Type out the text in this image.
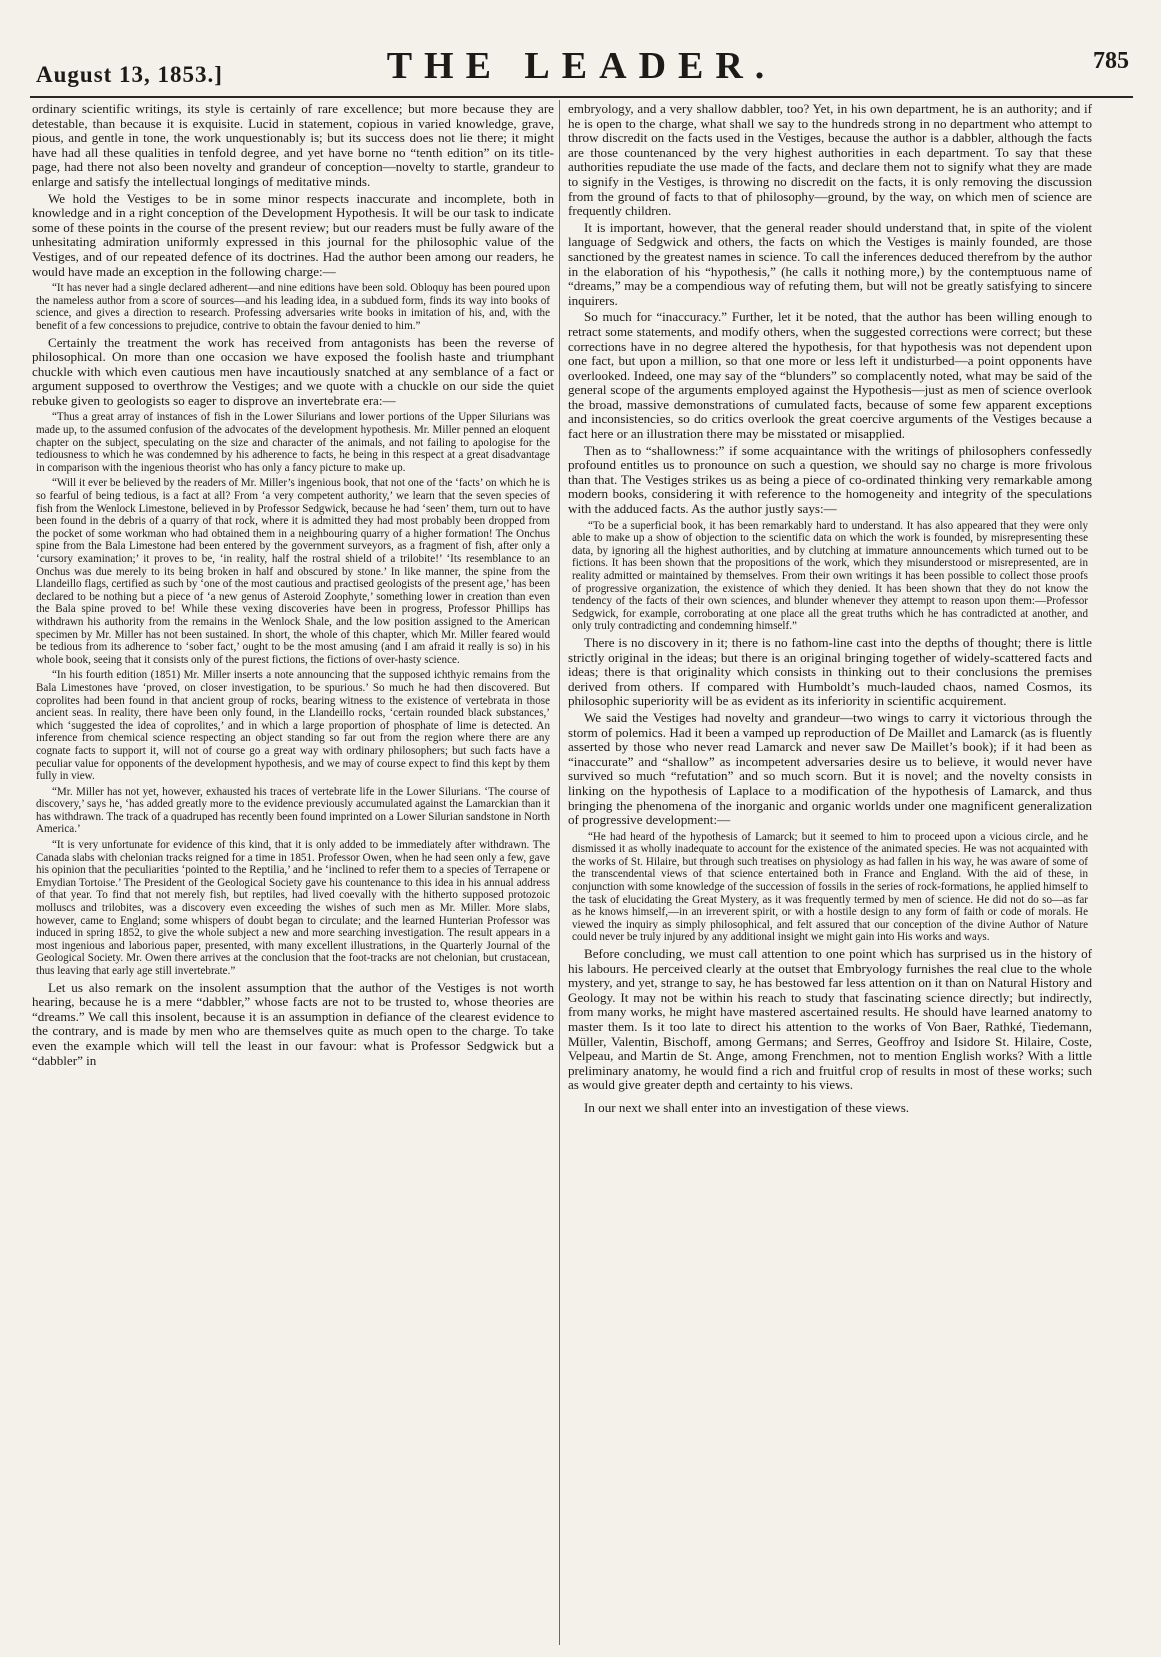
August 13, 1853.]	THE LEADER.	785

ordinary scientific writings, its style is certainly of rare excellence; but more because they are detestable, than because it is exquisite. Lucid in statement, copious in varied knowledge, grave, pious, and gentle in tone, the work unquestionably is; but its success does not lie there; it might have had all these qualities in tenfold degree, and yet have borne no “tenth edition” on its title-page, had there not also been novelty and grandeur of conception—novelty to startle, grandeur to enlarge and satisfy the intellectual longings of meditative minds.

We hold the Vestiges to be in some minor respects inaccurate and incomplete, both in knowledge and in a right conception of the Development Hypothesis. It will be our task to indicate some of these points in the course of the present review; but our readers must be fully aware of the unhesitating admiration uniformly expressed in this journal for the philosophic value of the Vestiges, and of our repeated defence of its doctrines. Had the author been among our readers, he would have made an exception in the following charge:—

“It has never had a single declared adherent—and nine editions have been sold. Obloquy has been poured upon the nameless author from a score of sources—and his leading idea, in a subdued form, finds its way into books of science, and gives a direction to research. Professing adversaries write books in imitation of his, and, with the benefit of a few concessions to prejudice, contrive to obtain the favour denied to him.”

Certainly the treatment the work has received from antagonists has been the reverse of philosophical. On more than one occasion we have exposed the foolish haste and triumphant chuckle with which even cautious men have incautiously snatched at any semblance of a fact or argument supposed to overthrow the Vestiges; and we quote with a chuckle on our side the quiet rebuke given to geologists so eager to disprove an invertebrate era:—

“Thus a great array of instances of fish in the Lower Silurians and lower portions of the Upper Silurians was made up, to the assumed confusion of the advocates of the development hypothesis. Mr. Miller penned an eloquent chapter on the subject, speculating on the size and character of the animals, and not failing to apologise for the tediousness to which he was condemned by his adherence to facts, he being in this respect at a great disadvantage in comparison with the ingenious theorist who has only a fancy picture to make up.

“Will it ever be believed by the readers of Mr. Miller’s ingenious book, that not one of the ‘facts’ on which he is so fearful of being tedious, is a fact at all? From ‘a very competent authority,’ we learn that the seven species of fish from the Wenlock Limestone, believed in by Professor Sedgwick, because he had ‘seen’ them, turn out to have been found in the debris of a quarry of that rock, where it is admitted they had most probably been dropped from the pocket of some workman who had obtained them in a neighbouring quarry of a higher formation! The Onchus spine from the Bala Limestone had been entered by the government surveyors, as a fragment of fish, after only a ‘cursory examination;’ it proves to be, ‘in reality, half the rostral shield of a trilobite!’ ‘Its resemblance to an Onchus was due merely to its being broken in half and obscured by stone.’ In like manner, the spine from the Llandeillo flags, certified as such by ‘one of the most cautious and practised geologists of the present age,’ has been declared to be nothing but a piece of ‘a new genus of Asteroid Zoophyte,’ something lower in creation than even the Bala spine proved to be! While these vexing discoveries have been in progress, Professor Phillips has withdrawn his authority from the remains in the Wenlock Shale, and the low position assigned to the American specimen by Mr. Miller has not been sustained. In short, the whole of this chapter, which Mr. Miller feared would be tedious from its adherence to ‘sober fact,’ ought to be the most amusing (and I am afraid it really is so) in his whole book, seeing that it consists only of the purest fictions, the fictions of over-hasty science.

“In his fourth edition (1851) Mr. Miller inserts a note announcing that the supposed ichthyic remains from the Bala Limestones have ‘proved, on closer investigation, to be spurious.’ So much he had then discovered. But coprolites had been found in that ancient group of rocks, bearing witness to the existence of vertebrata in those ancient seas. In reality, there have been only found, in the Llandeillo rocks, ‘certain rounded black substances,’ which ‘suggested the idea of coprolites,’ and in which a large proportion of phosphate of lime is detected. An inference from chemical science respecting an object standing so far out from the region where there are any cognate facts to support it, will not of course go a great way with ordinary philosophers; but such facts have a peculiar value for opponents of the development hypothesis, and we may of course expect to find this kept by them fully in view.

“Mr. Miller has not yet, however, exhausted his traces of vertebrate life in the Lower Silurians. ‘The course of discovery,’ says he, ‘has added greatly more to the evidence previously accumulated against the Lamarckian than it has withdrawn. The track of a quadruped has recently been found imprinted on a Lower Silurian sandstone in North America.’

“It is very unfortunate for evidence of this kind, that it is only added to be immediately after withdrawn. The Canada slabs with chelonian tracks reigned for a time in 1851. Professor Owen, when he had seen only a few, gave his opinion that the peculiarities ‘pointed to the Reptilia,’ and he ‘inclined to refer them to a species of Terrapene or Emydian Tortoise.’ The President of the Geological Society gave his countenance to this idea in his annual address of that year. To find that not merely fish, but reptiles, had lived coevally with the hitherto supposed protozoic molluscs and trilobites, was a discovery even exceeding the wishes of such men as Mr. Miller. More slabs, however, came to England; some whispers of doubt began to circulate; and the learned Hunterian Professor was induced in spring 1852, to give the whole subject a new and more searching investigation. The result appears in a most ingenious and laborious paper, presented, with many excellent illustrations, in the Quarterly Journal of the Geological Society. Mr. Owen there arrives at the conclusion that the foot-tracks are not chelonian, but crustacean, thus leaving that early age still invertebrate.”

Let us also remark on the insolent assumption that the author of the Vestiges is not worth hearing, because he is a mere “dabbler,” whose facts are not to be trusted to, whose theories are “dreams.” We call this insolent, because it is an assumption in defiance of the clearest evidence to the contrary, and is made by men who are themselves quite as much open to the charge. To take even the example which will tell the least in our favour: what is Professor Sedgwick but a “dabbler” in

embryology, and a very shallow dabbler, too? Yet, in his own department, he is an authority; and if he is open to the charge, what shall we say to the hundreds strong in no department who attempt to throw discredit on the facts used in the Vestiges, because the author is a dabbler, although the facts are those countenanced by the very highest authorities in each department. To say that these authorities repudiate the use made of the facts, and declare them not to signify what they are made to signify in the Vestiges, is throwing no discredit on the facts, it is only removing the discussion from the ground of facts to that of philosophy—ground, by the way, on which men of science are frequently children.

It is important, however, that the general reader should understand that, in spite of the violent language of Sedgwick and others, the facts on which the Vestiges is mainly founded, are those sanctioned by the greatest names in science. To call the inferences deduced therefrom by the author in the elaboration of his “hypothesis,” (he calls it nothing more,) by the contemptuous name of “dreams,” may be a compendious way of refuting them, but will not be greatly satisfying to sincere inquirers.

So much for “inaccuracy.” Further, let it be noted, that the author has been willing enough to retract some statements, and modify others, when the suggested corrections were correct; but these corrections have in no degree altered the hypothesis, for that hypothesis was not dependent upon one fact, but upon a million, so that one more or less left it undisturbed—a point opponents have overlooked. Indeed, one may say of the “blunders” so complacently noted, what may be said of the general scope of the arguments employed against the Hypothesis—just as men of science overlook the broad, massive demonstrations of cumulated facts, because of some few apparent exceptions and inconsistencies, so do critics overlook the great coercive arguments of the Vestiges because a fact here or an illustration there may be misstated or misapplied.

Then as to “shallowness:” if some acquaintance with the writings of philosophers confessedly profound entitles us to pronounce on such a question, we should say no charge is more frivolous than that. The Vestiges strikes us as being a piece of co-ordinated thinking very remarkable among modern books, considering it with reference to the homogeneity and integrity of the speculations with the adduced facts. As the author justly says:—

“To be a superficial book, it has been remarkably hard to understand. It has also appeared that they were only able to make up a show of objection to the scientific data on which the work is founded, by misrepresenting these data, by ignoring all the highest authorities, and by clutching at immature announcements which turned out to be fictions. It has been shown that the propositions of the work, which they misunderstood or misrepresented, are in reality admitted or maintained by themselves. From their own writings it has been possible to collect those proofs of progressive organization, the existence of which they denied. It has been shown that they do not know the tendency of the facts of their own sciences, and blunder whenever they attempt to reason upon them:—Professor Sedgwick, for example, corroborating at one place all the great truths which he has contradicted at another, and only truly contradicting and condemning himself.”

There is no discovery in it; there is no fathom-line cast into the depths of thought; there is little strictly original in the ideas; but there is an original bringing together of widely-scattered facts and ideas; there is that originality which consists in thinking out to their conclusions the premises derived from others. If compared with Humboldt’s much-lauded chaos, named Cosmos, its philosophic superiority will be as evident as its inferiority in scientific acquirement.

We said the Vestiges had novelty and grandeur—two wings to carry it victorious through the storm of polemics. Had it been a vamped up reproduction of De Maillet and Lamarck (as is fluently asserted by those who never read Lamarck and never saw De Maillet’s book); if it had been as “inaccurate” and “shallow” as incompetent adversaries desire us to believe, it would never have survived so much “refutation” and so much scorn. But it is novel; and the novelty consists in linking on the hypothesis of Laplace to a modification of the hypothesis of Lamarck, and thus bringing the phenomena of the inorganic and organic worlds under one magnificent generalization of progressive development:—

“He had heard of the hypothesis of Lamarck; but it seemed to him to proceed upon a vicious circle, and he dismissed it as wholly inadequate to account for the existence of the animated species. He was not acquainted with the works of St. Hilaire, but through such treatises on physiology as had fallen in his way, he was aware of some of the transcendental views of that science entertained both in France and England. With the aid of these, in conjunction with some knowledge of the succession of fossils in the series of rock-formations, he applied himself to the task of elucidating the Great Mystery, as it was frequently termed by men of science. He did not do so—as far as he knows himself,—in an irreverent spirit, or with a hostile design to any form of faith or code of morals. He viewed the inquiry as simply philosophical, and felt assured that our conception of the divine Author of Nature could never be truly injured by any additional insight we might gain into His works and ways.

Before concluding, we must call attention to one point which has surprised us in the history of his labours. He perceived clearly at the outset that Embryology furnishes the real clue to the whole mystery, and yet, strange to say, he has bestowed far less attention on it than on Natural History and Geology. It may not be within his reach to study that fascinating science directly; but indirectly, from many works, he might have mastered ascertained results. He should have learned anatomy to master them. Is it too late to direct his attention to the works of Von Baer, Rathké, Tiedemann, Müller, Valentin, Bischoff, among Germans; and Serres, Geoffroy and Isidore St. Hilaire, Coste, Velpeau, and Martin de St. Ange, among Frenchmen, not to mention English works? With a little preliminary anatomy, he would find a rich and fruitful crop of results in most of these works; such as would give greater depth and certainty to his views.

In our next we shall enter into an investigation of these views.
